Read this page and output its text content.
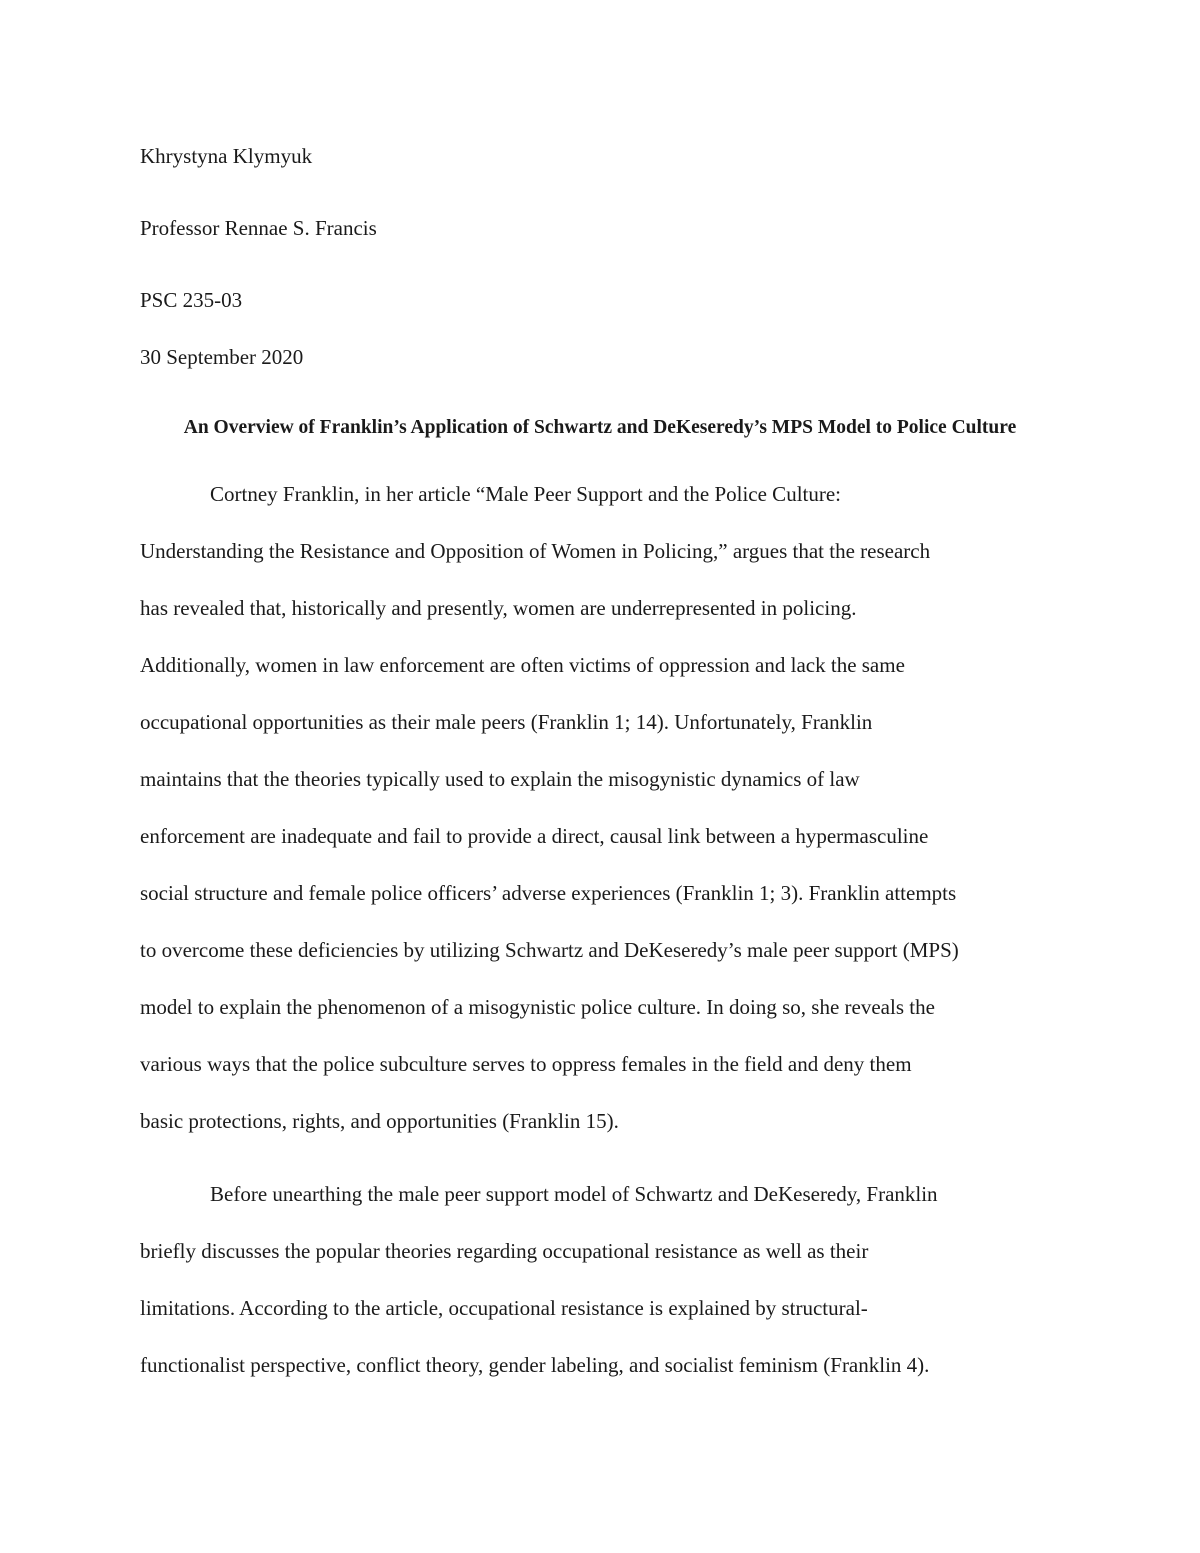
Khrystyna Klymyuk
Professor Rennae S. Francis
PSC 235-03
30 September 2020
An Overview of Franklin’s Application of Schwartz and DeKeseredy’s MPS Model to Police Culture
Cortney Franklin, in her article “Male Peer Support and the Police Culture:
Understanding the Resistance and Opposition of Women in Policing,” argues that the research
has revealed that, historically and presently, women are underrepresented in policing.
Additionally, women in law enforcement are often victims of oppression and lack the same
occupational opportunities as their male peers (Franklin 1; 14). Unfortunately, Franklin
maintains that the theories typically used to explain the misogynistic dynamics of law
enforcement are inadequate and fail to provide a direct, causal link between a hypermasculine
social structure and female police officers’ adverse experiences (Franklin 1; 3). Franklin attempts
to overcome these deficiencies by utilizing Schwartz and DeKeseredy’s male peer support (MPS)
model to explain the phenomenon of a misogynistic police culture. In doing so, she reveals the
various ways that the police subculture serves to oppress females in the field and deny them
basic protections, rights, and opportunities (Franklin 15).
Before unearthing the male peer support model of Schwartz and DeKeseredy, Franklin
briefly discusses the popular theories regarding occupational resistance as well as their
limitations. According to the article, occupational resistance is explained by structural-
functionalist perspective, conflict theory, gender labeling, and socialist feminism (Franklin 4).
